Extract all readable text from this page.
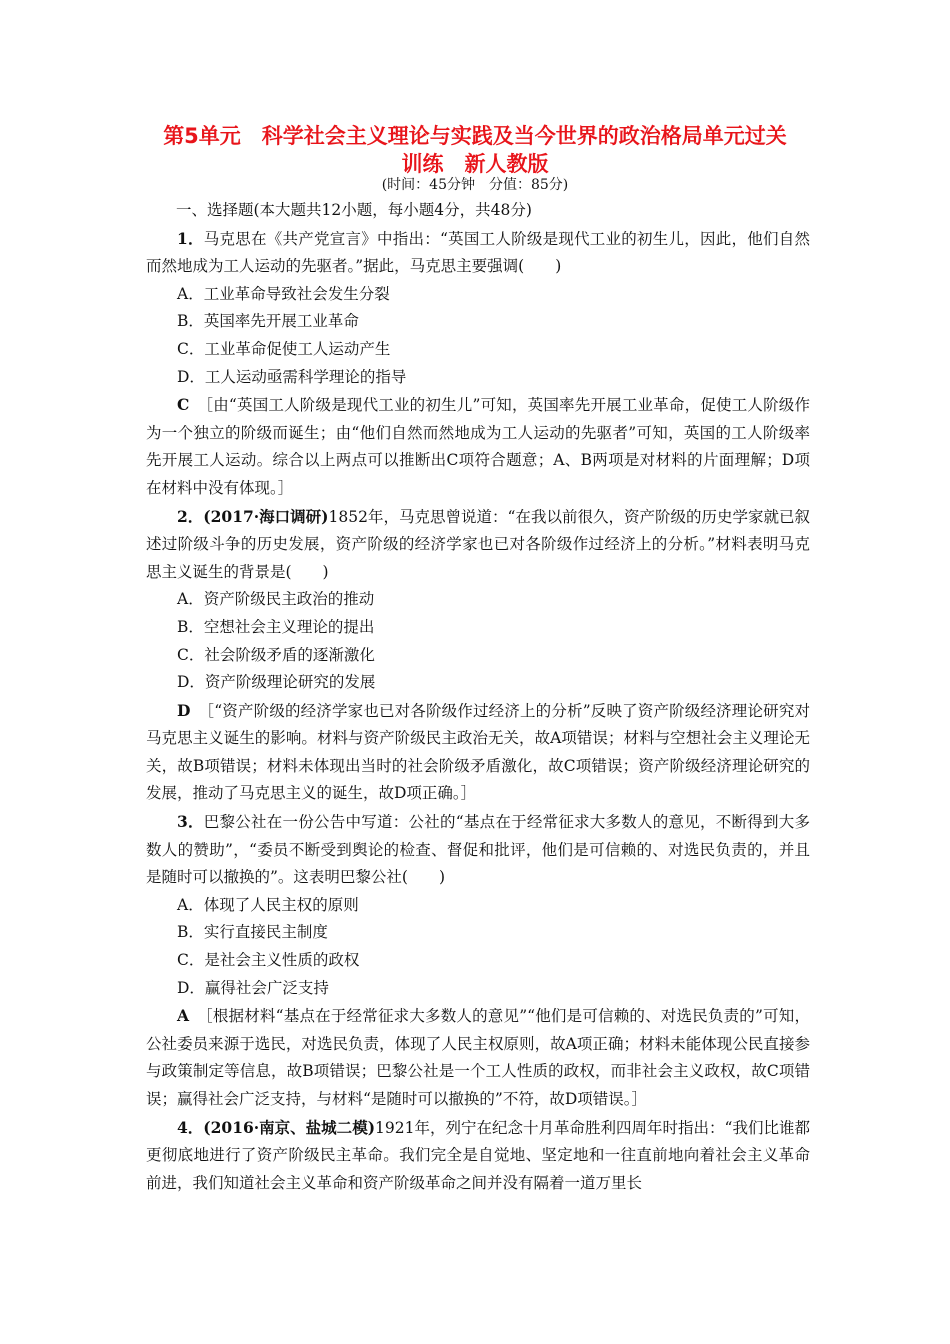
第5单元　科学社会主义理论与实践及当今世界的政治格局单元过关
训练　新人教版
(时间：45分钟　分值：85分)

一、选择题(本大题共12小题，每小题4分，共48分)

1．马克思在《共产党宣言》中指出：“英国工人阶级是现代工业的初生儿，因此，他们自然而然地成为工人运动的先驱者。”据此，马克思主要强调(　　)

A．工业革命导致社会发生分裂

B．英国率先开展工业革命

C．工业革命促使工人运动产生

D．工人运动亟需科学理论的指导

C　 ［由“英国工人阶级是现代工业的初生儿”可知，英国率先开展工业革命，促使工人阶级作为一个独立的阶级而诞生；由“他们自然而然地成为工人运动的先驱者”可知，英国的工人阶级率先开展工人运动。综合以上两点可以推断出C项符合题意；A、B两项是对材料的片面理解；D项在材料中没有体现。］

2．(2017·海口调研)1852年，马克思曾说道：“在我以前很久，资产阶级的历史学家就已叙述过阶级斗争的历史发展，资产阶级的经济学家也已对各阶级作过经济上的分析。”材料表明马克思主义诞生的背景是(　　)

A．资产阶级民主政治的推动

B．空想社会主义理论的提出

C．社会阶级矛盾的逐渐激化

D．资产阶级理论研究的发展

D　 ［“资产阶级的经济学家也已对各阶级作过经济上的分析”反映了资产阶级经济理论研究对马克思主义诞生的影响。材料与资产阶级民主政治无关，故A项错误；材料与空想社会主义理论无关，故B项错误；材料未体现出当时的社会阶级矛盾激化，故C项错误；资产阶级经济理论研究的发展，推动了马克思主义的诞生，故D项正确。］

3．巴黎公社在一份公告中写道：公社的“基点在于经常征求大多数人的意见，不断得到大多数人的赞助”，“委员不断受到舆论的检查、督促和批评，他们是可信赖的、对选民负责的，并且是随时可以撤换的”。这表明巴黎公社(　　)

A．体现了人民主权的原则

B．实行直接民主制度

C．是社会主义性质的政权

D．赢得社会广泛支持

A　 ［根据材料“基点在于经常征求大多数人的意见”“他们是可信赖的、对选民负责的”可知，公社委员来源于选民，对选民负责，体现了人民主权原则，故A项正确；材料未能体现公民直接参与政策制定等信息，故B项错误；巴黎公社是一个工人性质的政权，而非社会主义政权，故C项错误；赢得社会广泛支持，与材料“是随时可以撤换的”不符，故D项错误。］

4．(2016·南京、盐城二模)1921年，列宁在纪念十月革命胜利四周年时指出：“我们比谁都更彻底地进行了资产阶级民主革命。我们完全是自觉地、坚定地和一往直前地向着社会主义革命前进，我们知道社会主义革命和资产阶级革命之间并没有隔着一道万里长
